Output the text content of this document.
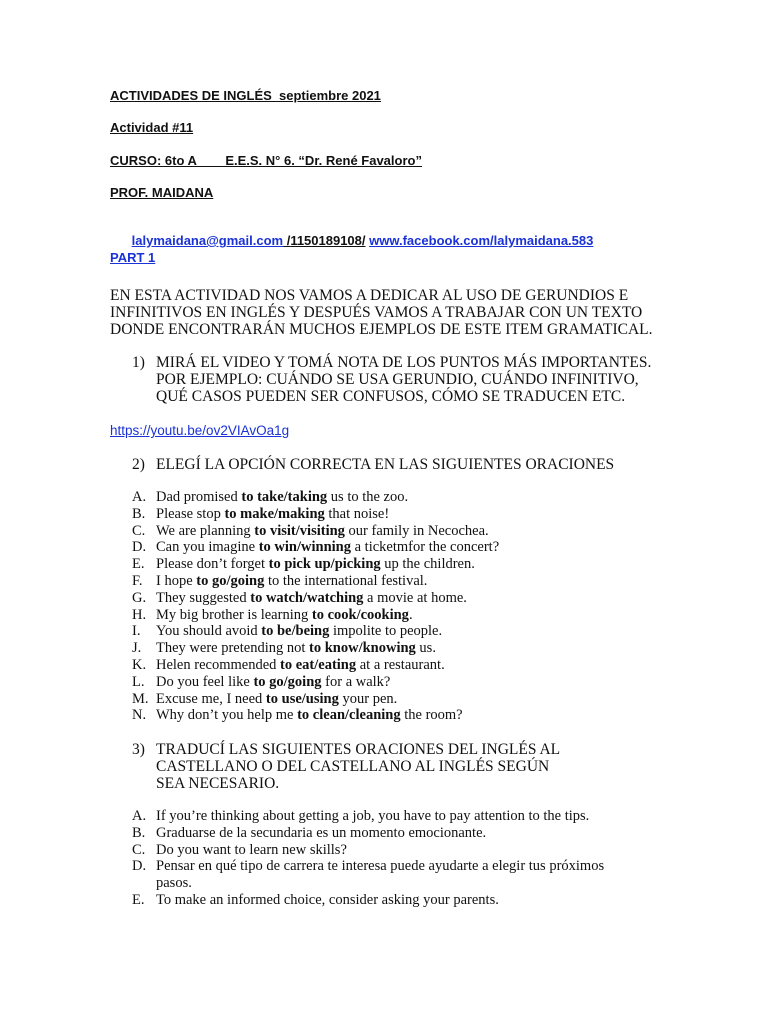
ACTIVIDADES DE INGLÉS  septiembre 2021
Actividad #11
CURSO: 6to A        E.E.S. N° 6. “Dr. René Favaloro”
PROF. MAIDANA

lalymaidana@gmail.com /1150189108/ www.facebook.com/lalymaidana.583

PART 1

EN ESTA ACTIVIDAD NOS VAMOS A DEDICAR AL USO DE GERUNDIOS E INFINITIVOS EN INGLÉS Y DESPUÉS VAMOS A TRABAJAR CON UN TEXTO DONDE ENCONTRARÁN MUCHOS EJEMPLOS DE ESTE ITEM GRAMATICAL.

1) MIRÁ EL VIDEO Y TOMÁ NOTA DE LOS PUNTOS MÁS IMPORTANTES. POR EJEMPLO: CUÁNDO SE USA GERUNDIO, CUÁNDO INFINITIVO, QUÉ CASOS PUEDEN SER CONFUSOS, CÓMO SE TRADUCEN ETC.
https://youtu.be/ov2VIAvOa1g
2) ELEGÍ LA OPCIÓN CORRECTA EN LAS SIGUIENTES ORACIONES
A. Dad promised to take/taking us to the zoo.
B. Please stop to make/making that noise!
C. We are planning to visit/visiting our family in Necochea.
D. Can you imagine to win/winning a ticketmfor the concert?
E. Please don’t forget to pick up/picking up the children.
F. I hope to go/going to the international festival.
G. They suggested to watch/watching a movie at home.
H. My big brother is learning to cook/cooking.
I.	You should avoid to be/being impolite to people.
J.	They were pretending not to know/knowing us.
K. Helen recommended to eat/eating at a restaurant.
L. Do you feel like to go/going for a walk?
M. Excuse me, I need to use/using your pen.
N. Why don’t you help me to clean/cleaning the room?
3) TRADUCÍ LAS SIGUIENTES ORACIONES DEL INGLÉS AL CASTELLANO O DEL CASTELLANO AL INGLÉS SEGÚN SEA NECESARIO.
A. If you’re thinking about getting a job, you have to pay attention to the tips.
B. Graduarse de la secundaria es un momento emocionante.
C. Do you want to learn new skills?
D. Pensar en qué tipo de carrera te interesa puede ayudarte a elegir tus próximos pasos.
E. To make an informed choice, consider asking your parents.
